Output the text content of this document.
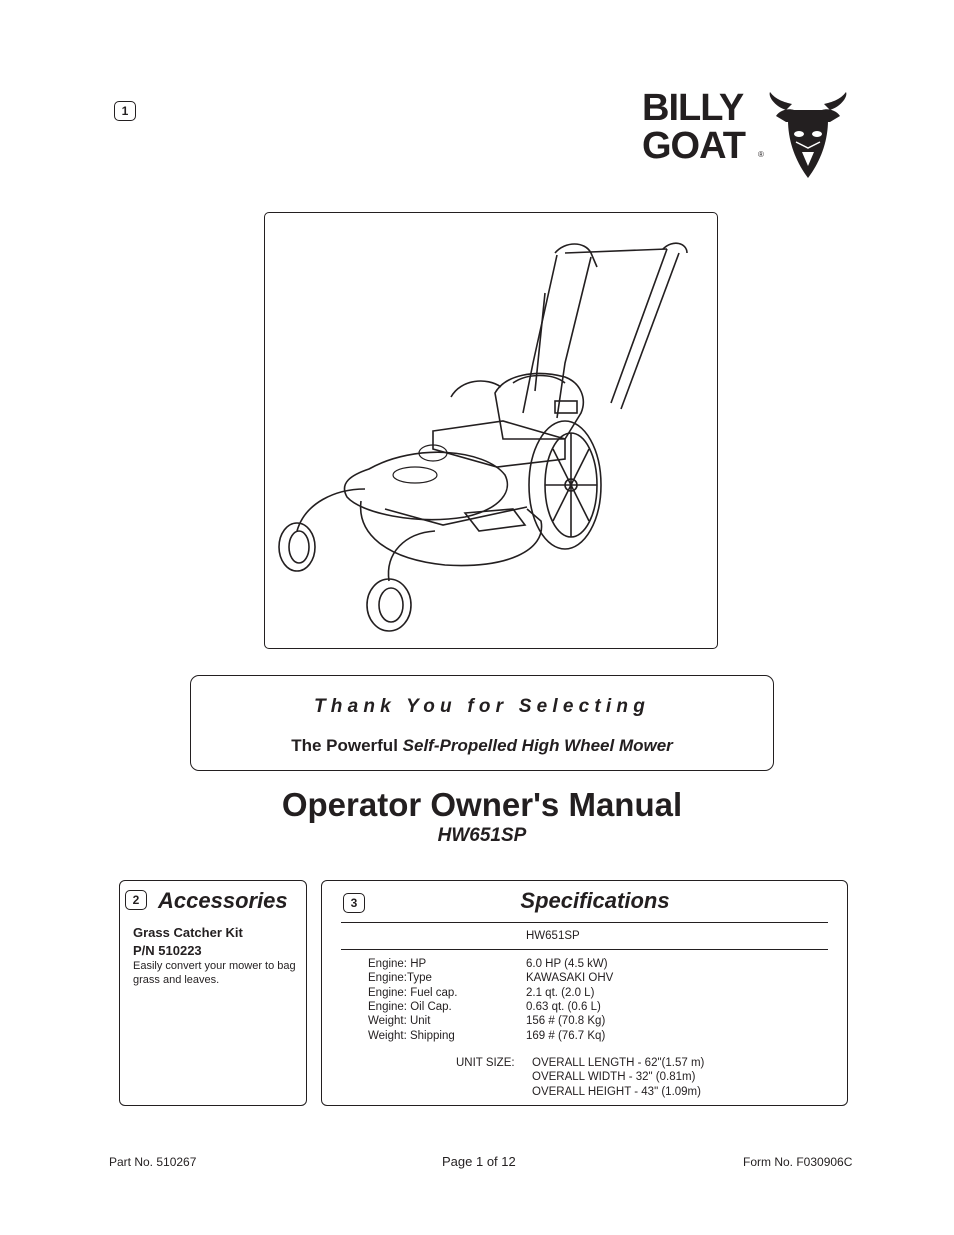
1	BILLY
GOAT ®
Thank You for Selecting
The Powerful Self-Propelled High Wheel Mower
Operator Owner's Manual
HW651SP
2 Accessories
Grass Catcher Kit
P/N 510223
Easily convert your mower to bag
grass and leaves.
3	Specifications
HW651SP
Engine: HP	6.0 HP (4.5 kW)
Engine:Type	KAWASAKI OHV
Engine: Fuel cap.	2.1 qt. (2.0 L)
Engine: Oil Cap.	0.63 qt. (0.6 L)
Weight: Unit	156 # (70.8 Kg)
Weight: Shipping	169 # (76.7 Kq)
UNIT SIZE: OVERALL LENGTH - 62"(1.57 m)
OVERALL WIDTH - 32" (0.81m)
OVERALL HEIGHT - 43" (1.09m)
Part No. 510267	Page 1 of 12	Form No. F030906C
